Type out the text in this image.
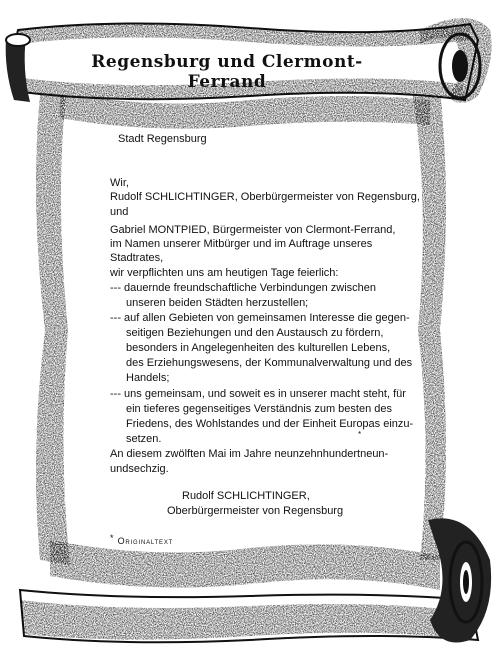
Regensburg und Clermont-Ferrand
Stadt Regensburg
Wir,
Rudolf SCHLICHTINGER, Oberbürgermeister von Regensburg,
und
Gabriel MONTPIED, Bürgermeister von Clermont-Ferrand,
im Namen unserer Mitbürger und im Auftrage unseres
Stadtrates,
wir verpflichten uns am heutigen Tage feierlich:
--- dauernde freundschaftliche Verbindungen zwischen
unseren beiden Städten herzustellen;
--- auf allen Gebieten von gemeinsamen Interesse die gegen-
seitigen Beziehungen und den Austausch zu fördern,
besonders in Angelegenheiten des kulturellen Lebens,
des Erziehungswesens, der Kommunalverwaltung und des
Handels;
--- uns gemeinsam, und soweit es in unserer macht steht, für
ein tieferes gegenseitiges Verständnis zum besten des
Friedens, des Wohlstandes und der Einheit Europas einzu-
setzen.
An diesem zwölften Mai im Jahre neunzehnhundertneun-
undsechzig.
Rudolf SCHLICHTINGER,
Oberbürgermeister von Regensburg
*
* Originaltext
